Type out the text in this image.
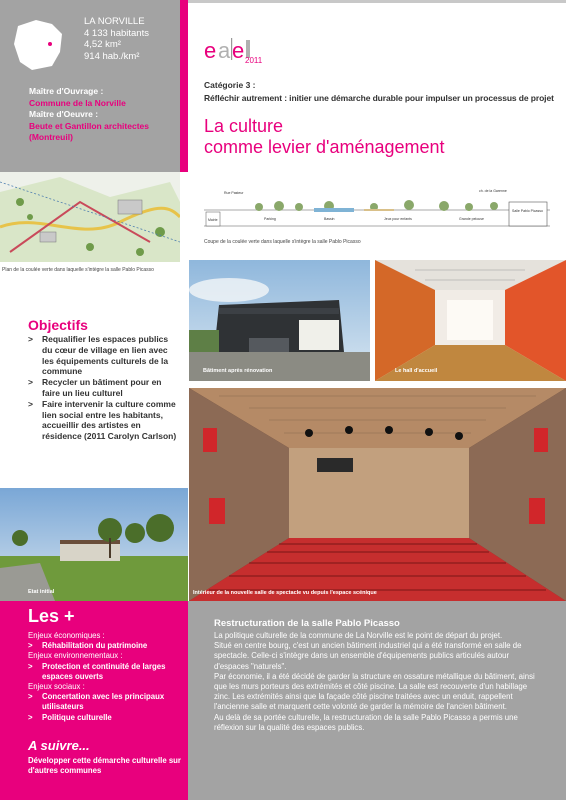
LA NORVILLE
4 133 habitants
4,52 km²
914 hab./km²
Maître d'Ouvrage :
Commune de la Norville
Maître d'Oeuvre :
Beute et Gantillon architectes
(Montreuil)
e a e 2011
Catégorie 3 :
Réfléchir autrement : initier une démarche durable pour impulser un processus de projet
La culture
comme levier d'aménagement
Rue Pasteur
Mairie	Parking	Bassin	Jeux pour enfants	Grande pelouse
ch. de la Garenne
Salle Pablo Picasso
Coupe de la coulée verte dans laquelle s'intègre la salle Pablo Picasso
Plan de la coulée verte dans laquelle s'intègre la salle Pablo Picasso
Bâtiment après rénovation	Le hall d'accueil
Intérieur de la nouvelle salle de spectacle vu depuis l'espace scénique
Etat initial
Objectifs
> Requalifier les espaces publics du cœur de village en lien avec les équipements culturels de la commune
> Recycler un bâtiment pour en faire un lieu culturel
> Faire intervenir la culture comme lien social entre les habitants, accueillir des artistes en résidence (2011 Carolyn Carlson)
Les +
Enjeux économiques :
> Réhabilitation du patrimoine
Enjeux environnementaux :
> Protection et continuité de larges espaces ouverts
Enjeux sociaux :
> Concertation avec les principaux utilisateurs
> Politique culturelle
A suivre...
Développer cette démarche culturelle sur d'autres communes
Restructuration de la salle Pablo Picasso

La politique culturelle de la commune de La Norville est le point de départ du projet.

Situé en centre bourg, c'est un ancien bâtiment industriel qui a été transformé en salle de spectacle. Celle-ci s'intègre dans un ensemble d'équipements publics articulés autour d'espaces "naturels".

Par économie, il a été décidé de garder la structure en ossature métallique du bâtiment, ainsi que les murs porteurs des extrémités et côté piscine. La salle est recouverte d'un habillage zinc. Les extrémités ainsi que la façade côté piscine traitées avec un enduit, rappellent l'ancienne salle et marquent cette volonté de garder la mémoire de l'ancien bâtiment.

Au delà de sa portée culturelle, la restructuration de la salle Pablo Picasso a permis une réflexion sur la qualité des espaces publics.
